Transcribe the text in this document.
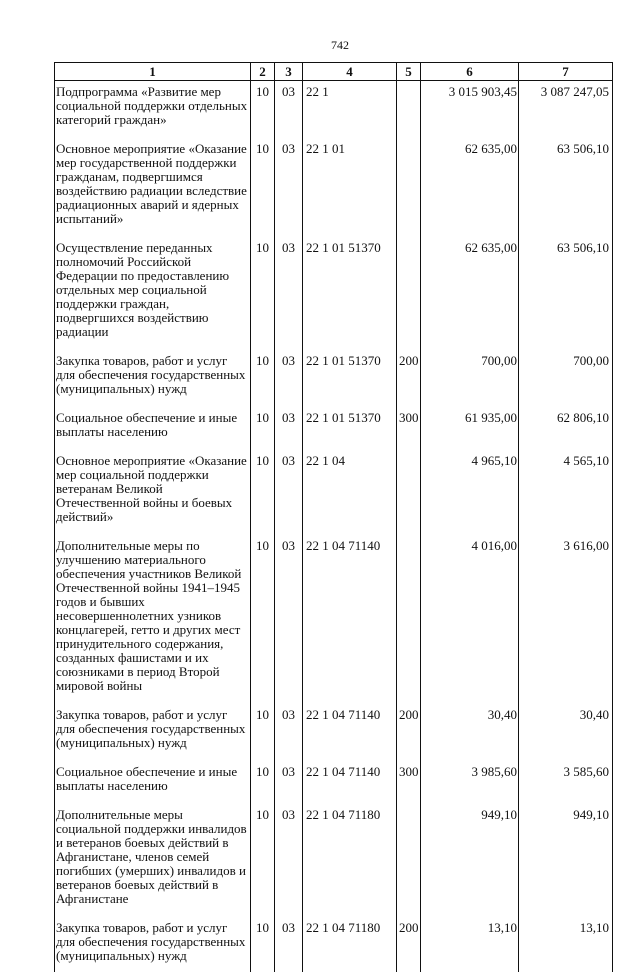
742
1	2	3	4	5	6	7
Подпрограмма «Развитие мер социальной поддержки отдельных категорий граждан»	10	03	22 1		3 015 903,45	3 087 247,05
Основное мероприятие «Оказание мер государственной поддержки гражданам, подвергшимся воздействию радиации вследствие радиационных аварий и ядерных испытаний»	10	03	22 1 01		62 635,00	63 506,10
Осуществление переданных полномочий Российской Федерации по предоставлению отдельных мер социальной поддержки граждан, подвергшихся воздействию радиации	10	03	22 1 01 51370		62 635,00	63 506,10
Закупка товаров, работ и услуг для обеспечения государственных (муниципальных) нужд	10	03	22 1 01 51370	200	700,00	700,00
Социальное обеспечение и иные выплаты населению	10	03	22 1 01 51370	300	61 935,00	62 806,10
Основное мероприятие «Оказание мер социальной поддержки ветеранам Великой Отечественной войны и боевых действий»	10	03	22 1 04		4 965,10	4 565,10
Дополнительные меры по улучшению материального обеспечения участников Великой Отечественной войны 1941–1945 годов и бывших несовершеннолетних узников концлагерей, гетто и других мест принудительного содержания, созданных фашистами и их союзниками в период Второй мировой войны	10	03	22 1 04 71140		4 016,00	3 616,00
Закупка товаров, работ и услуг для обеспечения государственных (муниципальных) нужд	10	03	22 1 04 71140	200	30,40	30,40
Социальное обеспечение и иные выплаты населению	10	03	22 1 04 71140	300	3 985,60	3 585,60
Дополнительные меры социальной поддержки инвалидов и ветеранов боевых действий в Афганистане, членов семей погибших (умерших) инвалидов и ветеранов боевых действий в Афганистане	10	03	22 1 04 71180		949,10	949,10
Закупка товаров, работ и услуг для обеспечения государственных (муниципальных) нужд	10	03	22 1 04 71180	200	13,10	13,10
